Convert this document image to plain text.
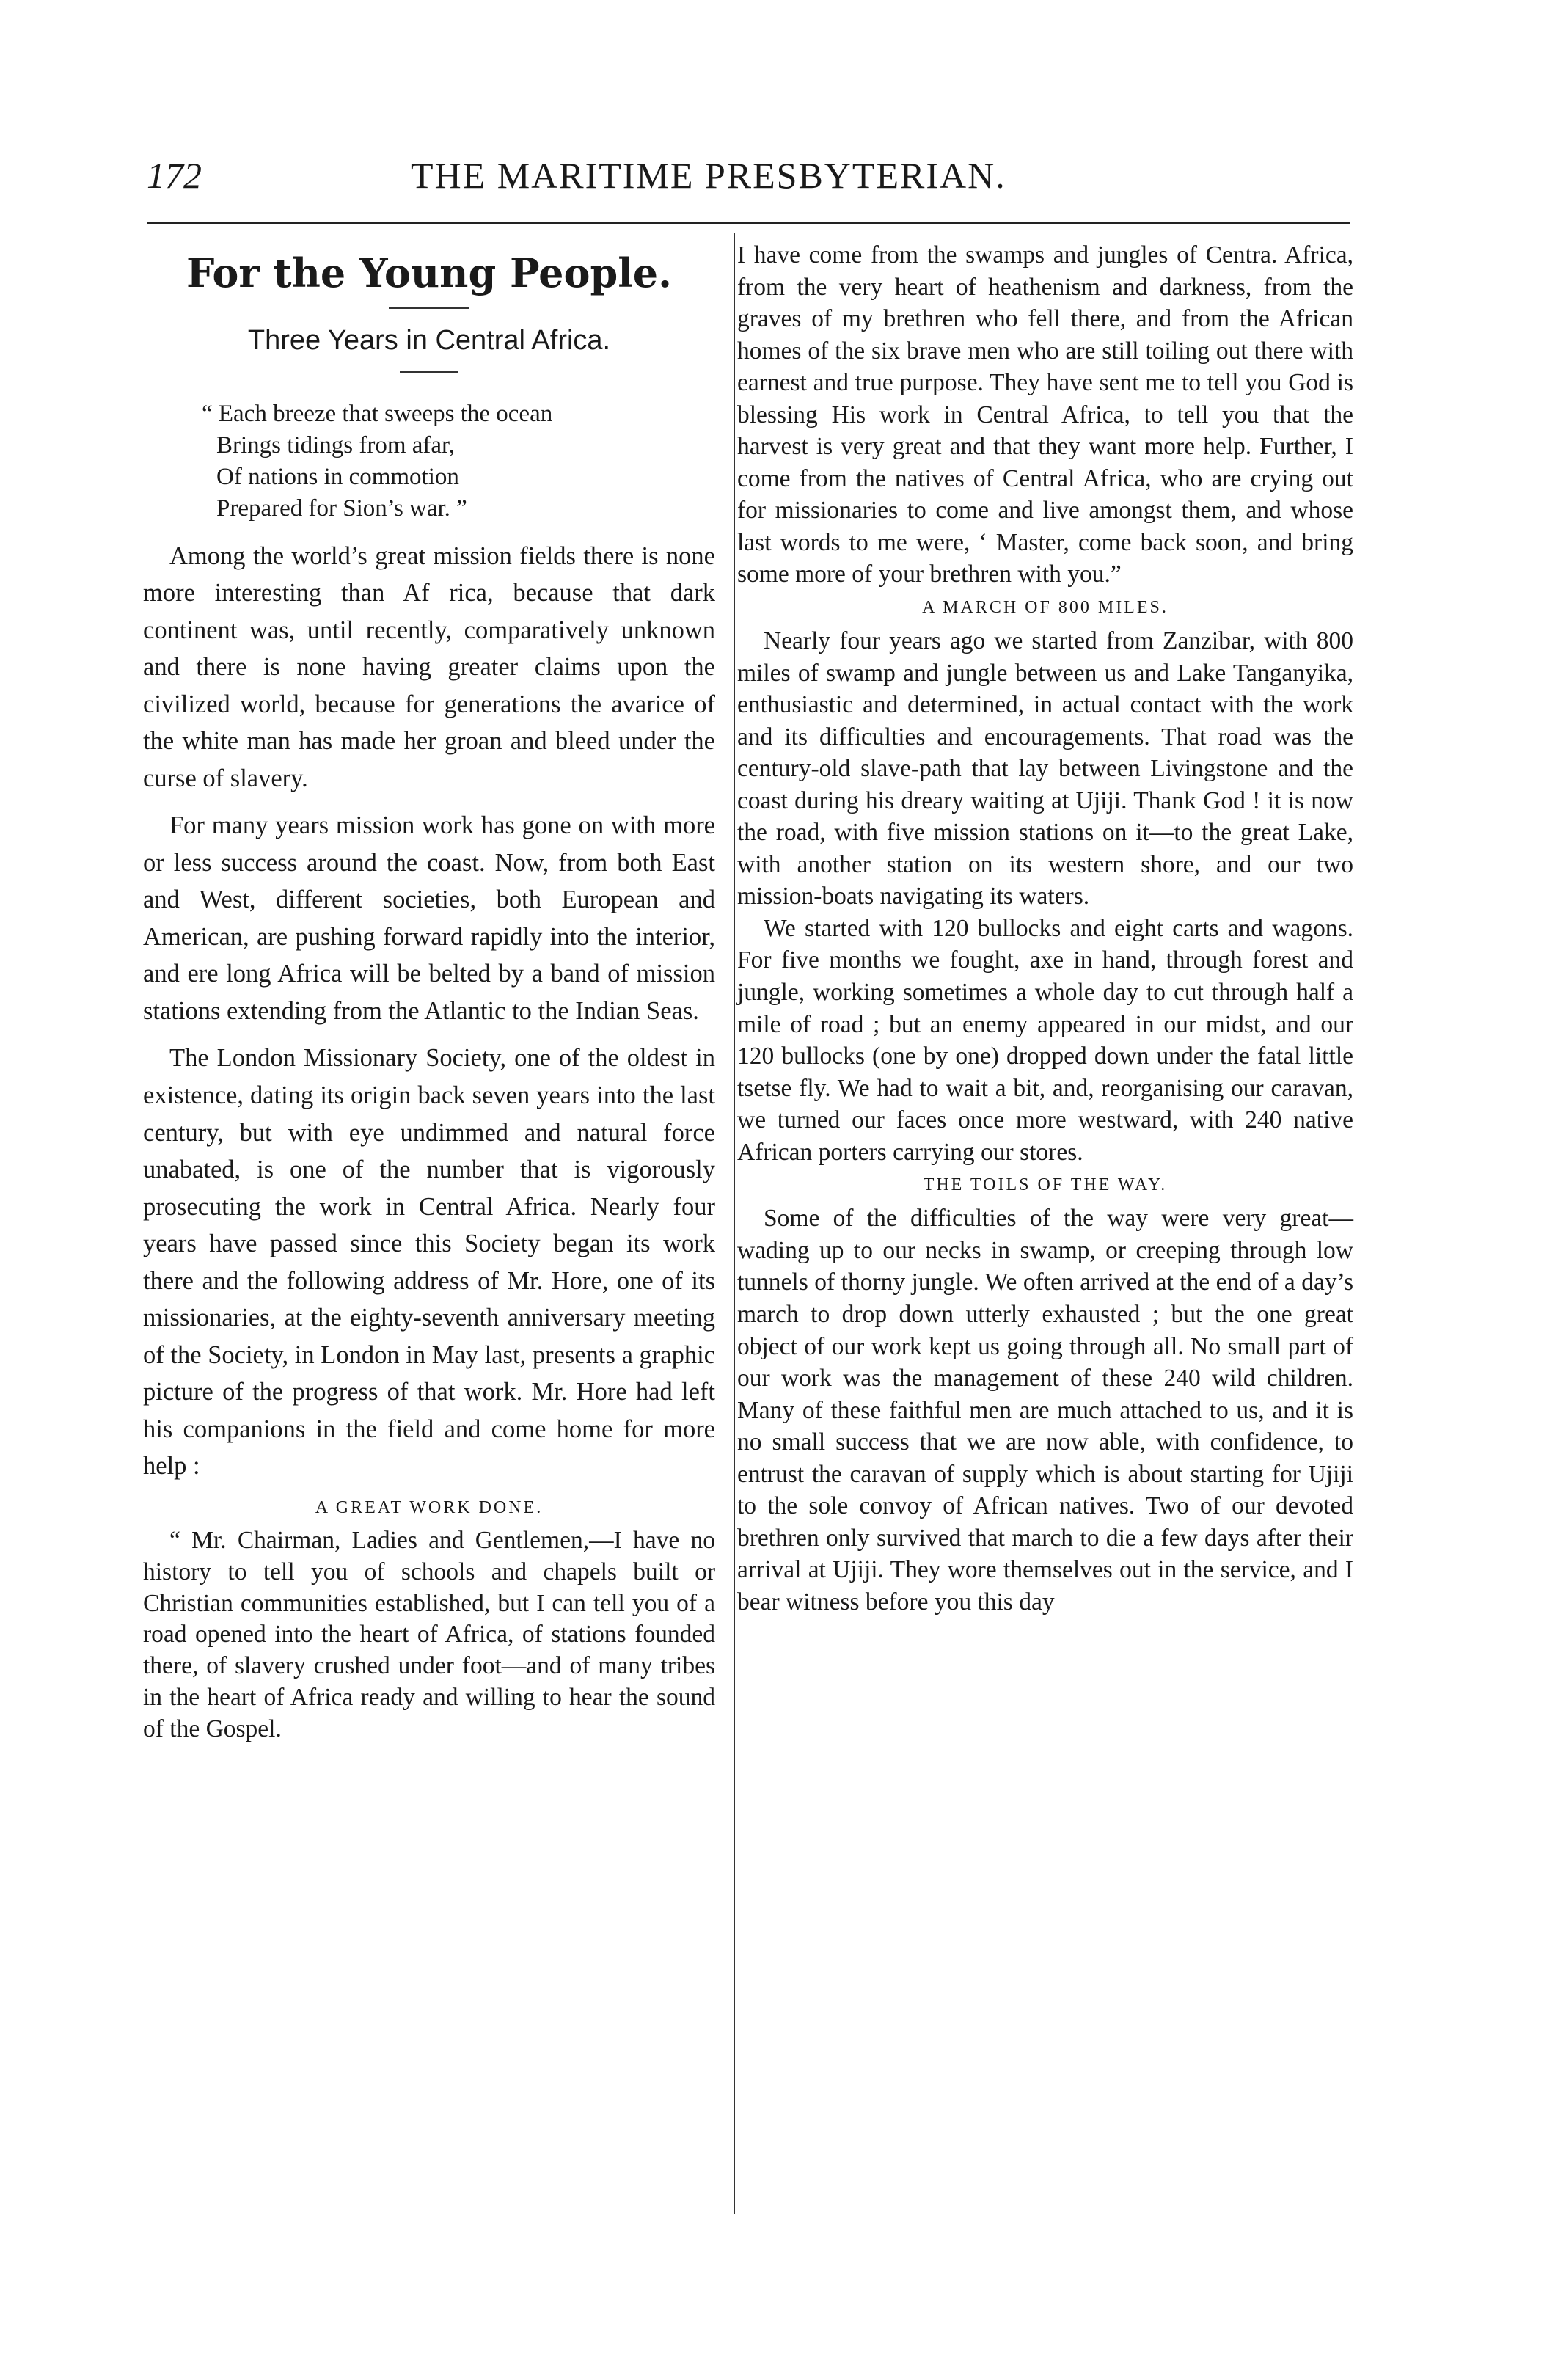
172	THE MARITIME PRESBYTERIAN.
For the Young People.
Three Years in Central Africa.
“ Each breeze that sweeps the ocean
Brings tidings from afar,
Of nations in commotion
Prepared for Sion’s war. ”

Among the world’s great mission fields there is none more interesting than Af rica, because that dark continent was, until recently, comparatively unknown and there is none having greater claims upon the civilized world, because for generations the avarice of the white man has made her groan and bleed under the curse of slavery.

For many years mission work has gone on with more or less success around the coast. Now, from both East and West, different societies, both European and American, are pushing forward rapidly into the interior, and ere long Africa will be belted by a band of mission stations extending from the Atlantic to the Indian Seas.

The London Missionary Society, one of the oldest in existence, dating its origin back seven years into the last century, but with eye undimmed and natural force unabated, is one of the number that is vigorously prosecuting the work in Central Africa. Nearly four years have passed since this Society began its work there and the following address of Mr. Hore, one of its missionaries, at the eighty-seventh anniversary meeting of the Society, in London in May last, presents a graphic picture of the progress of that work. Mr. Hore had left his companions in the field and come home for more help :

A GREAT WORK DONE.

“ Mr. Chairman, Ladies and Gentlemen,—I have no history to tell you of schools and chapels built or Christian communities established, but I can tell you of a road opened into the heart of Africa, of stations founded there, of slavery crushed under foot—and of many tribes in the heart of Africa ready and willing to hear the sound of the Gospel.

I have come from the swamps and jungles of Centra. Africa, from the very heart of heathenism and darkness, from the graves of my brethren who fell there, and from the African homes of the six brave men who are still toiling out there with earnest and true purpose. They have sent me to tell you God is blessing His work in Central Africa, to tell you that the harvest is very great and that they want more help. Further, I come from the natives of Central Africa, who are crying out for missionaries to come and live amongst them, and whose last words to me were, ‘ Master, come back soon, and bring some more of your brethren with you.”

A MARCH OF 800 MILES.

Nearly four years ago we started from Zanzibar, with 800 miles of swamp and jungle between us and Lake Tanganyika, enthusiastic and determined, in actual contact with the work and its difficulties and encouragements. That road was the century-old slave-path that lay between Livingstone and the coast during his dreary waiting at Ujiji. Thank God ! it is now the road, with five mission stations on it—to the great Lake, with another station on its western shore, and our two mission-boats navigating its waters.

We started with 120 bullocks and eight carts and wagons. For five months we fought, axe in hand, through forest and jungle, working sometimes a whole day to cut through half a mile of road ; but an enemy appeared in our midst, and our 120 bullocks (one by one) dropped down under the fatal little tsetse fly. We had to wait a bit, and, reorganising our caravan, we turned our faces once more westward, with 240 native African porters carrying our stores.

THE TOILS OF THE WAY.

Some of the difficulties of the way were very great—wading up to our necks in swamp, or creeping through low tunnels of thorny jungle. We often arrived at the end of a day’s march to drop down utterly exhausted ; but the one great object of our work kept us going through all. No small part of our work was the management of these 240 wild children. Many of these faithful men are much attached to us, and it is no small success that we are now able, with confidence, to entrust the caravan of supply which is about starting for Ujiji to the sole convoy of African natives. Two of our devoted brethren only survived that march to die a few days after their arrival at Ujiji. They wore themselves out in the service, and I bear witness before you this day
